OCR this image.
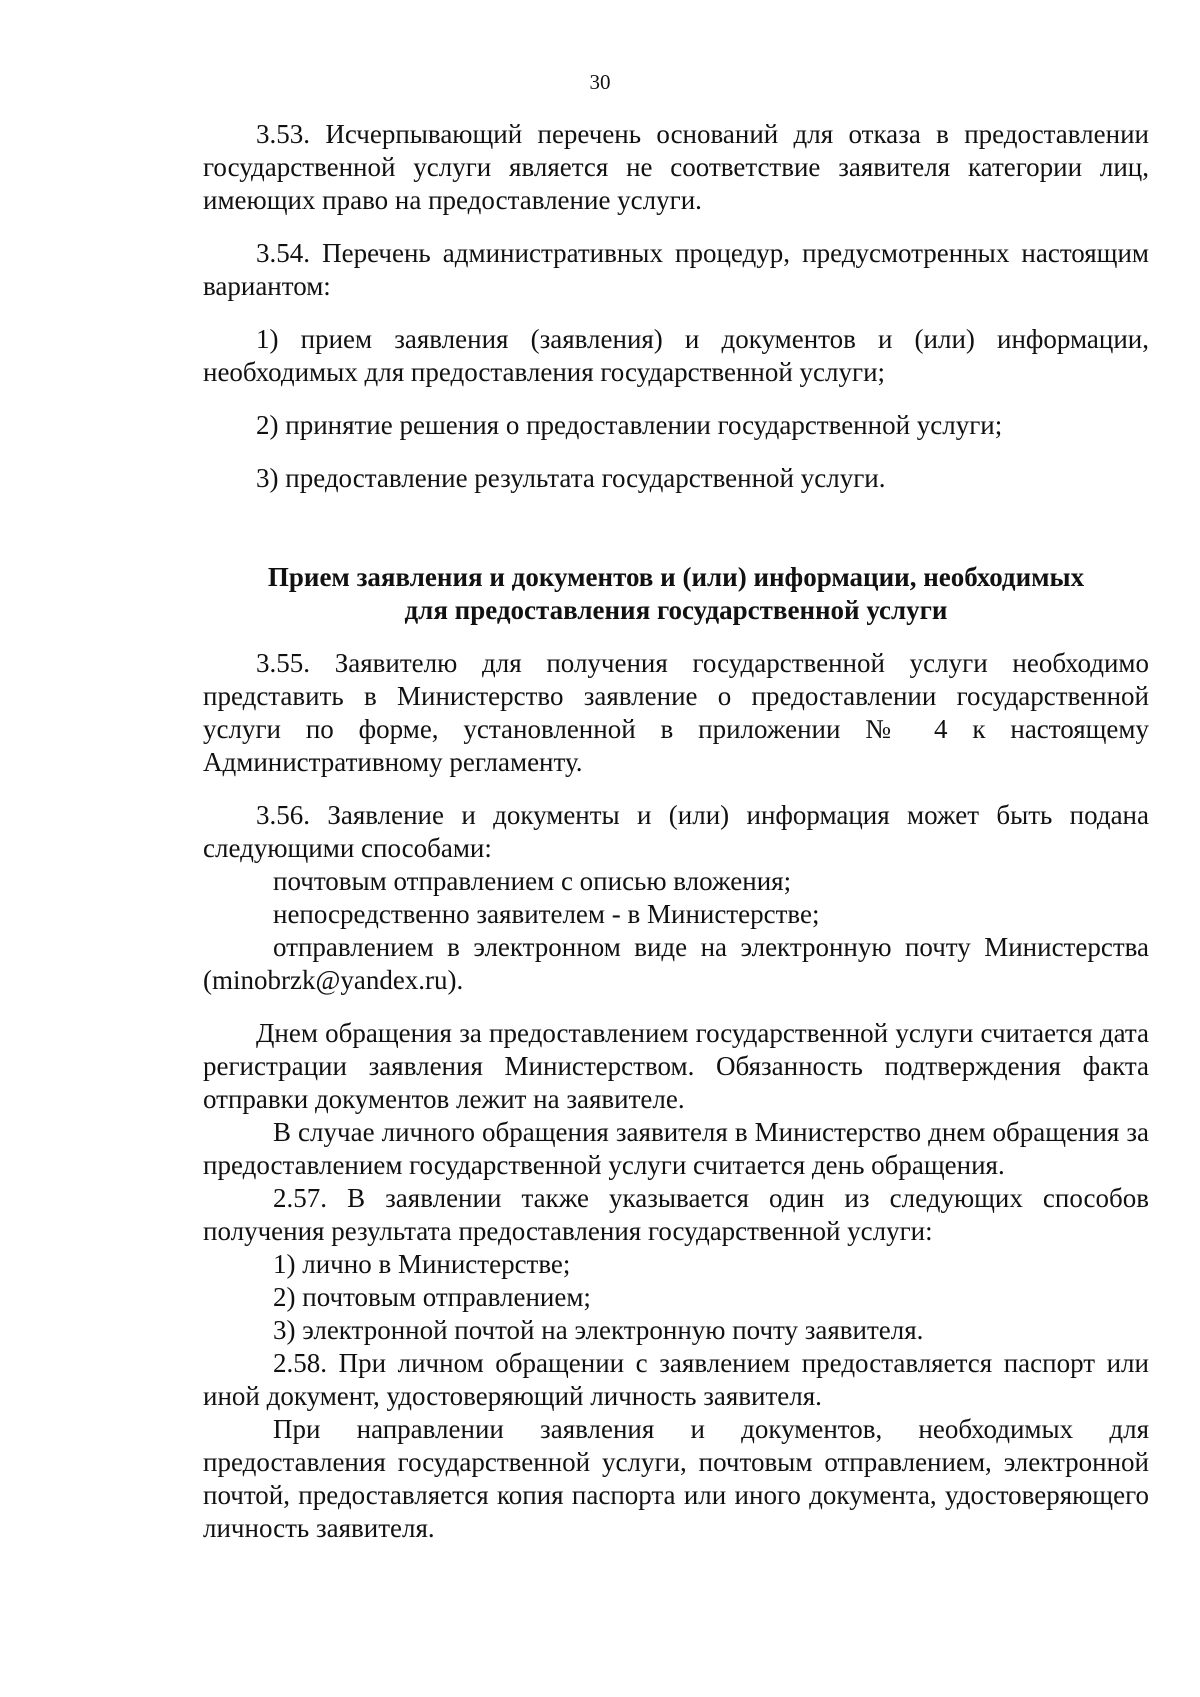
30

3.53. Исчерпывающий перечень оснований для отказа в предоставлении государственной услуги является не соответствие заявителя категории лиц, имеющих право на предоставление услуги.

3.54. Перечень административных процедур, предусмотренных настоящим вариантом:

1) прием заявления (заявления) и документов и (или) информации, необходимых для предоставления государственной услуги;

2) принятие решения о предоставлении государственной услуги;

3) предоставление результата государственной услуги.

Прием заявления и документов и (или) информации, необходимых
для предоставления государственной услуги

3.55. Заявителю для получения государственной услуги необходимо представить в Министерство заявление о предоставлении государственной услуги по форме, установленной в приложении № 4 к настоящему Административному регламенту.

3.56. Заявление и документы и (или) информация может быть подана следующими способами:

почтовым отправлением с описью вложения;

непосредственно заявителем - в Министерстве;

отправлением в электронном виде на электронную почту Министерства (minobrzk@yandex.ru).

Днем обращения за предоставлением государственной услуги считается дата регистрации заявления Министерством. Обязанность подтверждения факта отправки документов лежит на заявителе.

В случае личного обращения заявителя в Министерство днем обращения за предоставлением государственной услуги считается день обращения.

2.57. В заявлении также указывается один из следующих способов получения результата предоставления государственной услуги:

1) лично в Министерстве;

2) почтовым отправлением;

3) электронной почтой на электронную почту заявителя.

2.58. При личном обращении с заявлением предоставляется паспорт или иной документ, удостоверяющий личность заявителя.

При направлении заявления и документов, необходимых для предоставления государственной услуги, почтовым отправлением, электронной почтой, предоставляется копия паспорта или иного документа, удостоверяющего личность заявителя.
